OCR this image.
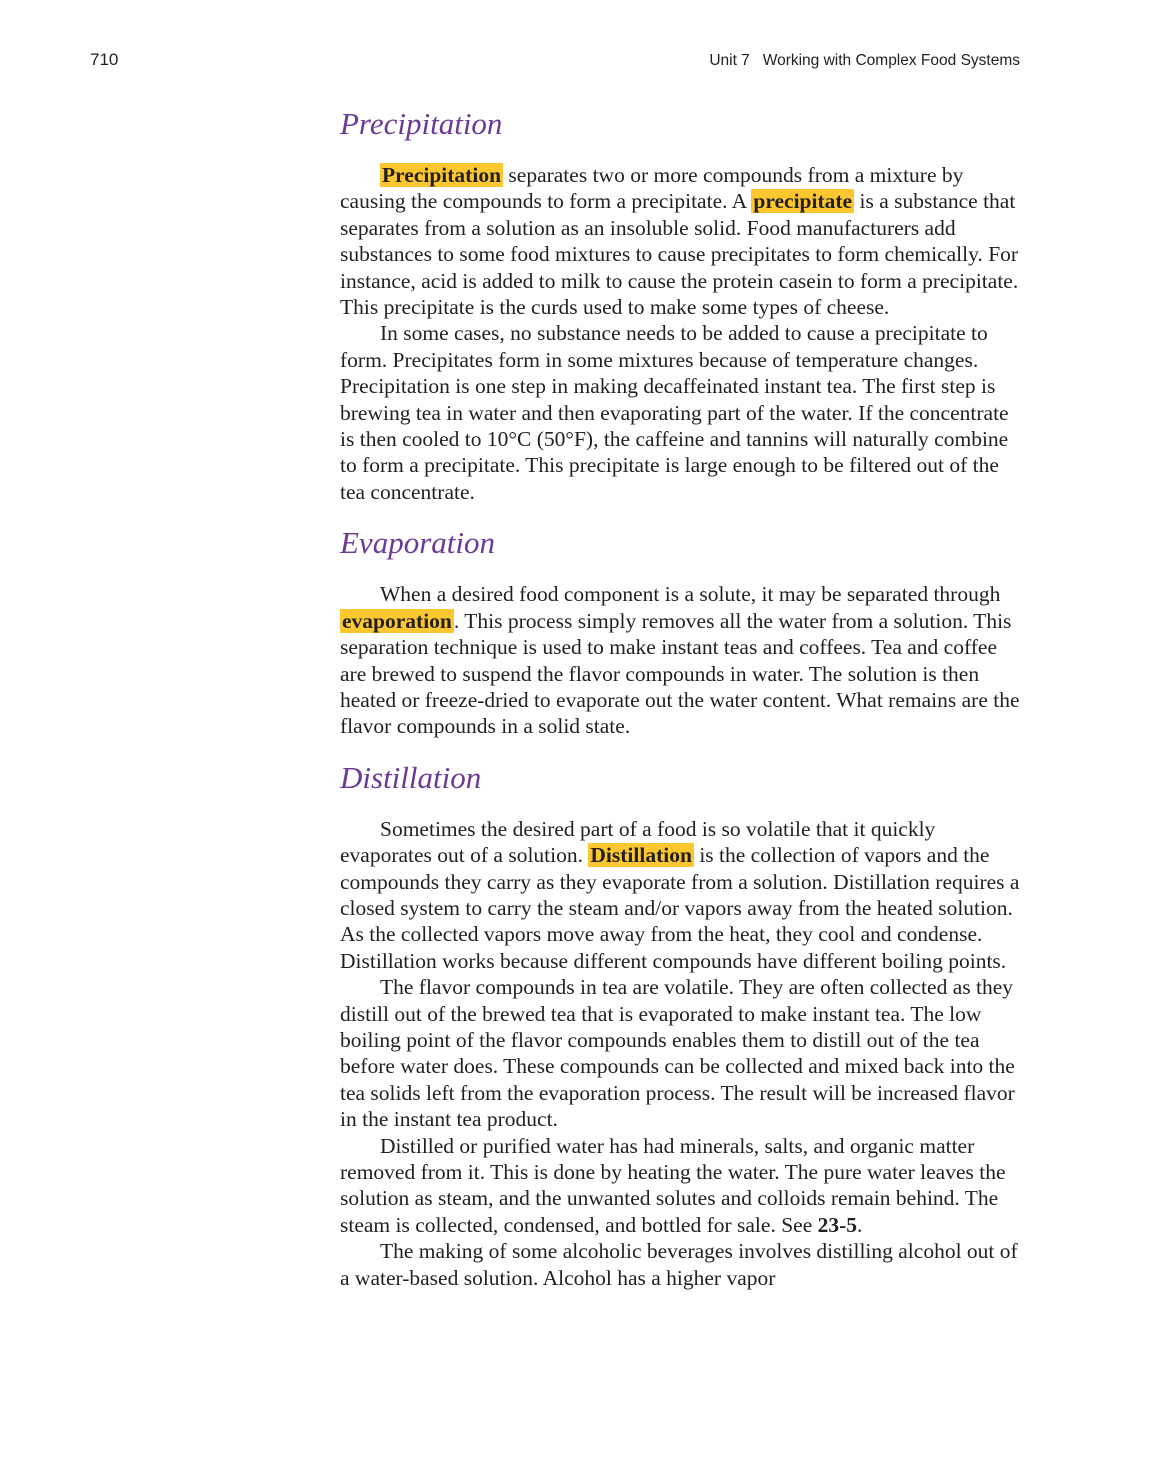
710	Unit 7   Working with Complex Food Systems
Precipitation

Precipitation separates two or more compounds from a mixture by causing the compounds to form a precipitate. A precipitate is a substance that separates from a solution as an insoluble solid. Food manufacturers add substances to some food mixtures to cause precipitates to form chemically. For instance, acid is added to milk to cause the protein casein to form a precipitate. This precipitate is the curds used to make some types of cheese.

In some cases, no substance needs to be added to cause a precipitate to form. Precipitates form in some mixtures because of temperature changes. Precipitation is one step in making decaffeinated instant tea. The first step is brewing tea in water and then evaporating part of the water. If the concentrate is then cooled to 10°C (50°F), the caffeine and tannins will naturally combine to form a precipitate. This precipitate is large enough to be filtered out of the tea concentrate.

Evaporation

When a desired food component is a solute, it may be separated through evaporation. This process simply removes all the water from a solution. This separation technique is used to make instant teas and coffees. Tea and coffee are brewed to suspend the flavor compounds in water. The solution is then heated or freeze-dried to evaporate out the water content. What remains are the flavor compounds in a solid state.

Distillation

Sometimes the desired part of a food is so volatile that it quickly evaporates out of a solution. Distillation is the collection of vapors and the compounds they carry as they evaporate from a solution. Distillation requires a closed system to carry the steam and/or vapors away from the heated solution. As the collected vapors move away from the heat, they cool and condense. Distillation works because different compounds have different boiling points.

The flavor compounds in tea are volatile. They are often collected as they distill out of the brewed tea that is evaporated to make instant tea. The low boiling point of the flavor compounds enables them to distill out of the tea before water does. These compounds can be collected and mixed back into the tea solids left from the evaporation process. The result will be increased flavor in the instant tea product.

Distilled or purified water has had minerals, salts, and organic matter removed from it. This is done by heating the water. The pure water leaves the solution as steam, and the unwanted solutes and colloids remain behind. The steam is collected, condensed, and bottled for sale. See 23-5.

The making of some alcoholic beverages involves distilling alcohol out of a water-based solution. Alcohol has a higher vapor
